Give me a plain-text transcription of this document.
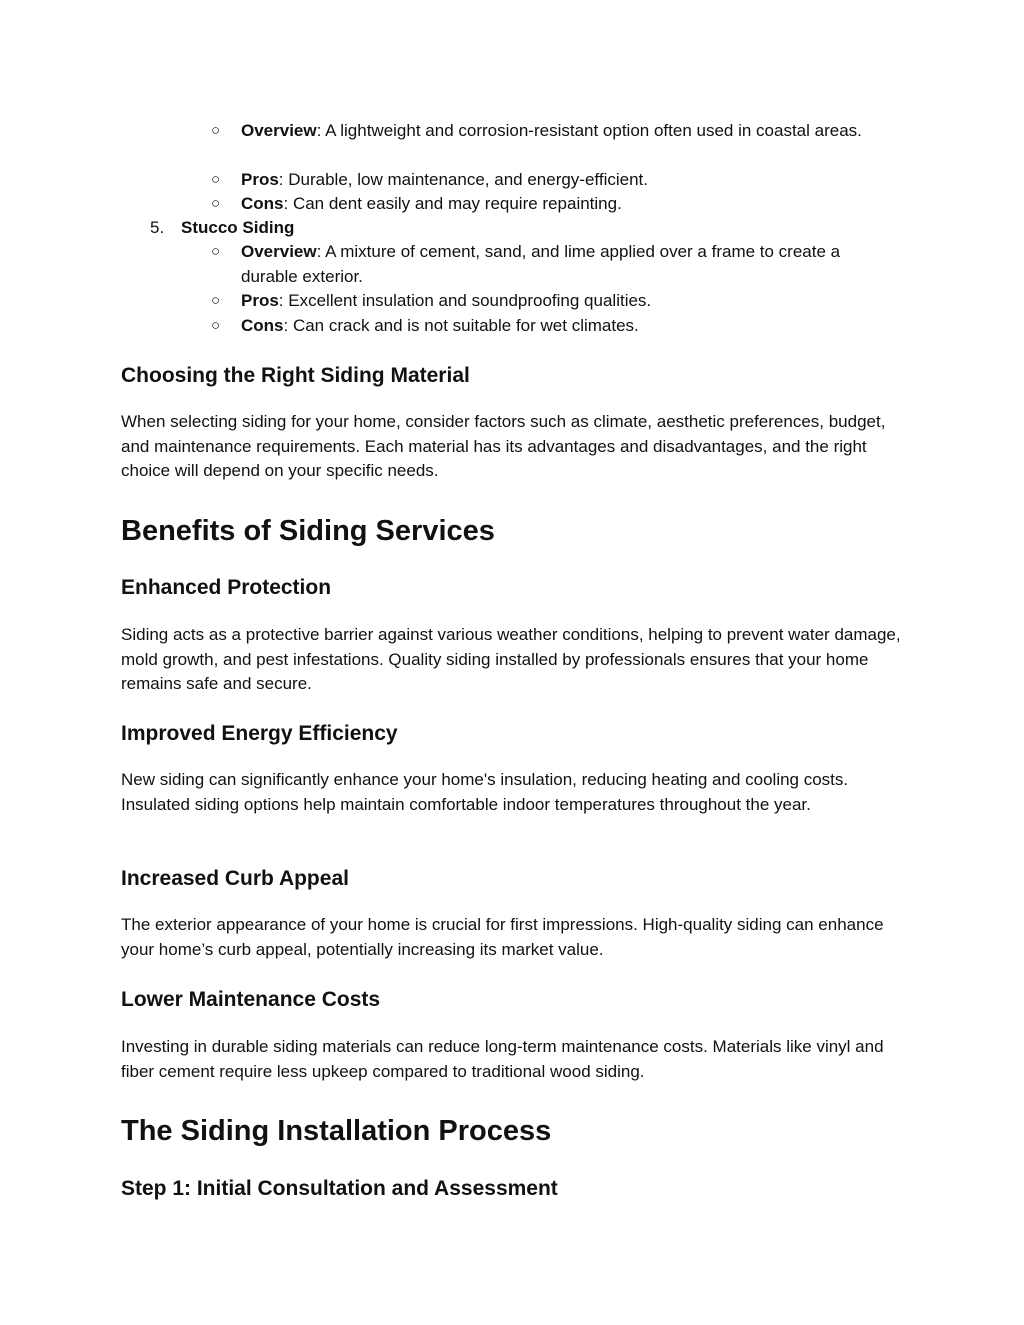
○ Overview: A lightweight and corrosion-resistant option often used in coastal areas.
○ Pros: Durable, low maintenance, and energy-efficient.
○ Cons: Can dent easily and may require repainting.
5. Stucco Siding
○ Overview: A mixture of cement, sand, and lime applied over a frame to create a durable exterior.
○ Pros: Excellent insulation and soundproofing qualities.
○ Cons: Can crack and is not suitable for wet climates.
Choosing the Right Siding Material

When selecting siding for your home, consider factors such as climate, aesthetic preferences, budget, and maintenance requirements. Each material has its advantages and disadvantages, and the right choice will depend on your specific needs.

Benefits of Siding Services
Enhanced Protection

Siding acts as a protective barrier against various weather conditions, helping to prevent water damage, mold growth, and pest infestations. Quality siding installed by professionals ensures that your home remains safe and secure.

Improved Energy Efficiency

New siding can significantly enhance your home's insulation, reducing heating and cooling costs. Insulated siding options help maintain comfortable indoor temperatures throughout the year.

Increased Curb Appeal

The exterior appearance of your home is crucial for first impressions. High-quality siding can enhance your home’s curb appeal, potentially increasing its market value.

Lower Maintenance Costs

Investing in durable siding materials can reduce long-term maintenance costs. Materials like vinyl and fiber cement require less upkeep compared to traditional wood siding.

The Siding Installation Process
Step 1: Initial Consultation and Assessment
